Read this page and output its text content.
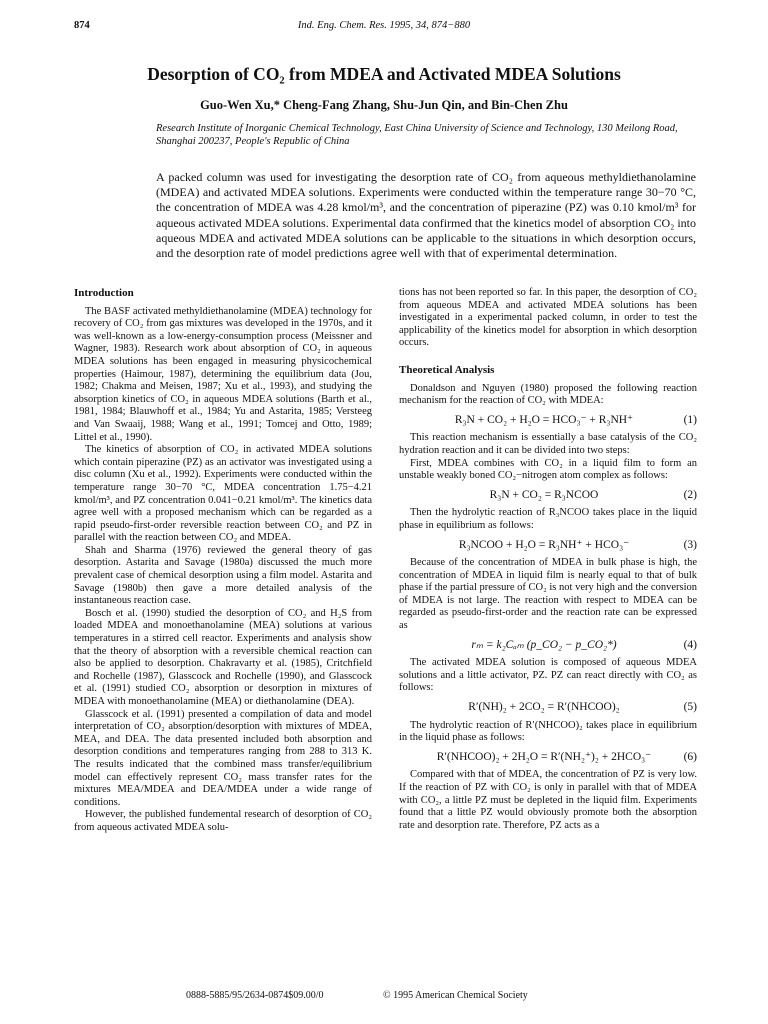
874	Ind. Eng. Chem. Res. 1995, 34, 874−880
Desorption of CO₂ from MDEA and Activated MDEA Solutions
Guo-Wen Xu,* Cheng-Fang Zhang, Shu-Jun Qin, and Bin-Chen Zhu
Research Institute of Inorganic Chemical Technology, East China University of Science and Technology, 130 Meilong Road, Shanghai 200237, People's Republic of China
A packed column was used for investigating the desorption rate of CO₂ from aqueous methyldiethanolamine (MDEA) and activated MDEA solutions. Experiments were conducted within the temperature range 30−70 °C, the concentration of MDEA was 4.28 kmol/m³, and the concentration of piperazine (PZ) was 0.10 kmol/m³ for aqueous activated MDEA solutions. Experimental data confirmed that the kinetics model of absorption CO₂ into aqueous MDEA and activated MDEA solutions can be applicable to the situations in which desorption occurs, and the desorption rate of model predictions agree well with that of experimental determination.
Introduction

The BASF activated methyldiethanolamine (MDEA) technology for recovery of CO₂ from gas mixtures was developed in the 1970s, and it was well-known as a low-energy-consumption process (Meissner and Wagner, 1983). Research work about absorption of CO₂ in aqueous MDEA solutions has been engaged in measuring physicochemical properties (Haimour, 1987), determining the equilibrium data (Jou, 1982; Chakma and Meisen, 1987; Xu et al., 1993), and studying the absorption kinetics of CO₂ in aqueous MDEA solutions (Barth et al., 1981, 1984; Blauwhoff et al., 1984; Yu and Astarita, 1985; Versteeg and Van Swaaij, 1988; Wang et al., 1991; Tomcej and Otto, 1989; Littel et al., 1990).

The kinetics of absorption of CO₂ in activated MDEA solutions which contain piperazine (PZ) as an activator was investigated using a disc column (Xu et al., 1992). Experiments were conducted within the temperature range 30−70 °C, MDEA concentration 1.75−4.21 kmol/m³, and PZ concentration 0.041−0.21 kmol/m³. The kinetics data agree well with a proposed mechanism which can be regarded as a rapid pseudo-first-order reversible reaction between CO₂ and PZ in parallel with the reaction between CO₂ and MDEA.

Shah and Sharma (1976) reviewed the general theory of gas desorption. Astarita and Savage (1980a) discussed the much more prevalent case of chemical desorption using a film model. Astarita and Savage (1980b) then gave a more detailed analysis of the instantaneous reaction case.

Bosch et al. (1990) studied the desorption of CO₂ and H₂S from loaded MDEA and monoethanolamine (MEA) solutions at various temperatures in a stirred cell reactor. Experiments and analysis show that the theory of absorption with a reversible chemical reaction can also be applied to desorption. Chakravarty et al. (1985), Critchfield and Rochelle (1987), Glasscock and Rochelle (1990), and Glasscock et al. (1991) studied CO₂ absorption or desorption in mixtures of MDEA with monoethanolamine (MEA) or diethanolamine (DEA).

Glasscock et al. (1991) presented a compilation of data and model interpretation of CO₂ absorption/desorption with mixtures of MDEA, MEA, and DEA. The data presented included both absorption and desorption conditions and temperatures ranging from 288 to 313 K. The results indicated that the combined mass transfer/equilibrium model can effectively represent CO₂ mass transfer rates for the mixtures MEA/MDEA and DEA/MDEA under a wide range of conditions.

However, the published fundemental research of desorption of CO₂ from aqueous activated MDEA solu-

tions has not been reported so far. In this paper, the desorption of CO₂ from aqueous MDEA and activated MDEA solutions has been investigated in a experimental packed column, in order to test the applicability of the kinetics model for absorption in which desorption occurs.

Theoretical Analysis

Donaldson and Nguyen (1980) proposed the following reaction mechanism for the reaction of CO₂ with MDEA:

R₃N + CO₂ + H₂O = HCO₃⁻ + R₃NH⁺	(1)

This reaction mechanism is essentially a base catalysis of the CO₂ hydration reaction and it can be divided into two steps:

First, MDEA combines with CO₂ in a liquid film to form an unstable weakly boned CO₂−nitrogen atom complex as follows:

R₃N + CO₂ = R₃NCOO	(2)

Then the hydrolytic reaction of R₃NCOO takes place in the liquid phase in equilibrium as follows:

R₃NCOO + H₂O = R₃NH⁺ + HCO₃⁻	(3)

Because of the concentration of MDEA in bulk phase is high, the concentration of MDEA in liquid film is nearly equal to that of bulk phase if the partial pressure of CO₂ is not very high and the conversion of MDEA is not large. The reaction with respect to MDEA can be regarded as pseudo-first-order and the reaction rate can be expressed as

rₘ = k₂Cₐₘ (p_CO₂ − p_CO₂*)	(4)

The activated MDEA solution is composed of aqueous MDEA solutions and a little activator, PZ. PZ can react directly with CO₂ as follows:

R′(NH)₂ + 2CO₂ = R′(NHCOO)₂	(5)

The hydrolytic reaction of R′(NHCOO)₂ takes place in equilibrium in the liquid phase as follows:

R′(NHCOO)₂ + 2H₂O = R′(NH₂⁺)₂ + 2HCO₃⁻	(6)

Compared with that of MDEA, the concentration of PZ is very low. If the reaction of PZ with CO₂ is only in parallel with that of MDEA with CO₂, a little PZ must be depleted in the liquid film. Experiments found that a little PZ would obviously promote both the absorption rate and desorption rate. Therefore, PZ acts as a

0888-5885/95/2634-0874$09.00/0	© 1995 American Chemical Society
